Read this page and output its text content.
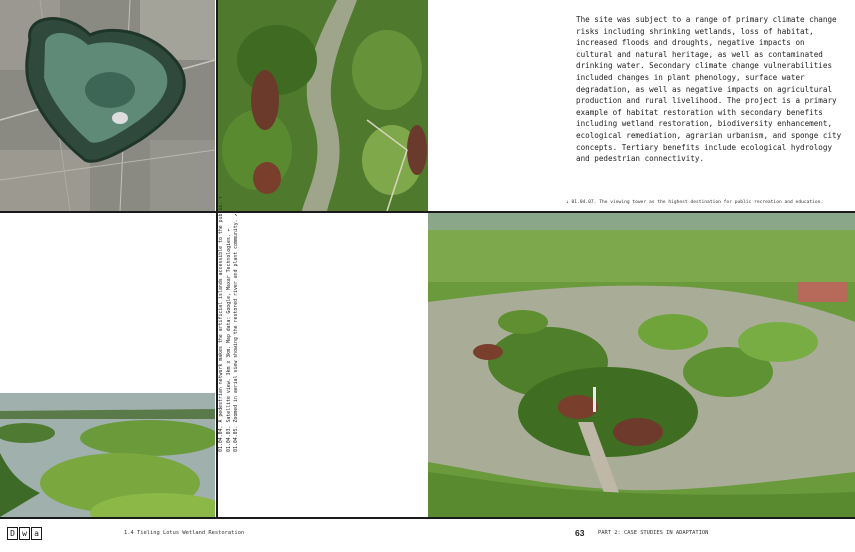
The site was subject to a range of primary climate change risks including shrinking wetlands, loss of habitat, increased floods and droughts, negative impacts on cultural and natural heritage, as well as contaminated drinking water. Secondary climate change vulnerabilities included changes in plant phenology, surface water degradation, as well as negative impacts on agricultural production and rural livelihood. The project is a primary example of habitat restoration with secondary benefits including wetland restoration, biodiversity enhancement, ecological remediation, agrarian urbanism, and sponge city concepts. Tertiary benefits include ecological hydrology and pedestrian connectivity.

↓ 01.04.07. The viewing tower as the highest destination for public recreation and education.
01.04.04. A pedestrian network makes the artificial islands accessible to the public. ↑ 01.04.03. Satellite view. 3km x 3km. Map data: Google, Maxar Technologies. ← 01.04.05. Zoomed in aerial view showing the restored river and plant community. ↗
D w a	1.4 Tieling Lotus Wetland Restoration	63	PART 2: CASE STUDIES IN ADAPTATION
